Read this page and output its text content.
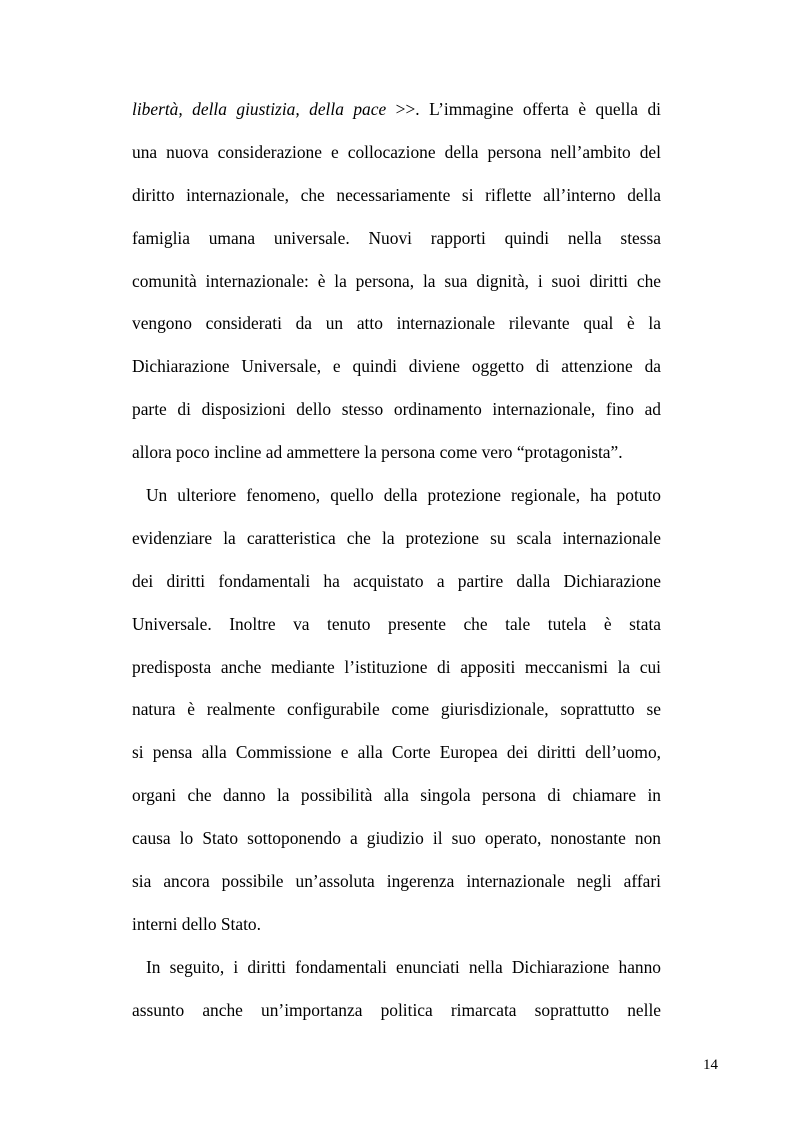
libertà, della giustizia, della pace >>. L’immagine offerta è quella di
una nuova considerazione e collocazione della persona nell’ambito del
diritto internazionale, che necessariamente si riflette all’interno della
famiglia umana universale. Nuovi rapporti quindi nella stessa
comunità internazionale: è la persona, la sua dignità, i suoi diritti che
vengono considerati da un atto internazionale rilevante qual è la
Dichiarazione Universale, e quindi diviene oggetto di attenzione da
parte di disposizioni dello stesso ordinamento internazionale, fino ad
allora poco incline ad ammettere la persona come vero “protagonista”.
Un ulteriore fenomeno, quello della protezione regionale, ha potuto
evidenziare la caratteristica che la protezione su scala internazionale
dei diritti fondamentali ha acquistato a partire dalla Dichiarazione
Universale. Inoltre va tenuto presente che tale tutela è stata
predisposta anche mediante l’istituzione di appositi meccanismi la cui
natura è realmente configurabile come giurisdizionale, soprattutto se
si pensa alla Commissione e alla Corte Europea dei diritti dell’uomo,
organi che danno la possibilità alla singola persona di chiamare in
causa lo Stato sottoponendo a giudizio il suo operato, nonostante non
sia ancora possibile un’assoluta ingerenza internazionale negli affari
interni dello Stato.
In seguito, i diritti fondamentali enunciati nella Dichiarazione hanno
assunto anche un’importanza politica rimarcata soprattutto nelle
14
